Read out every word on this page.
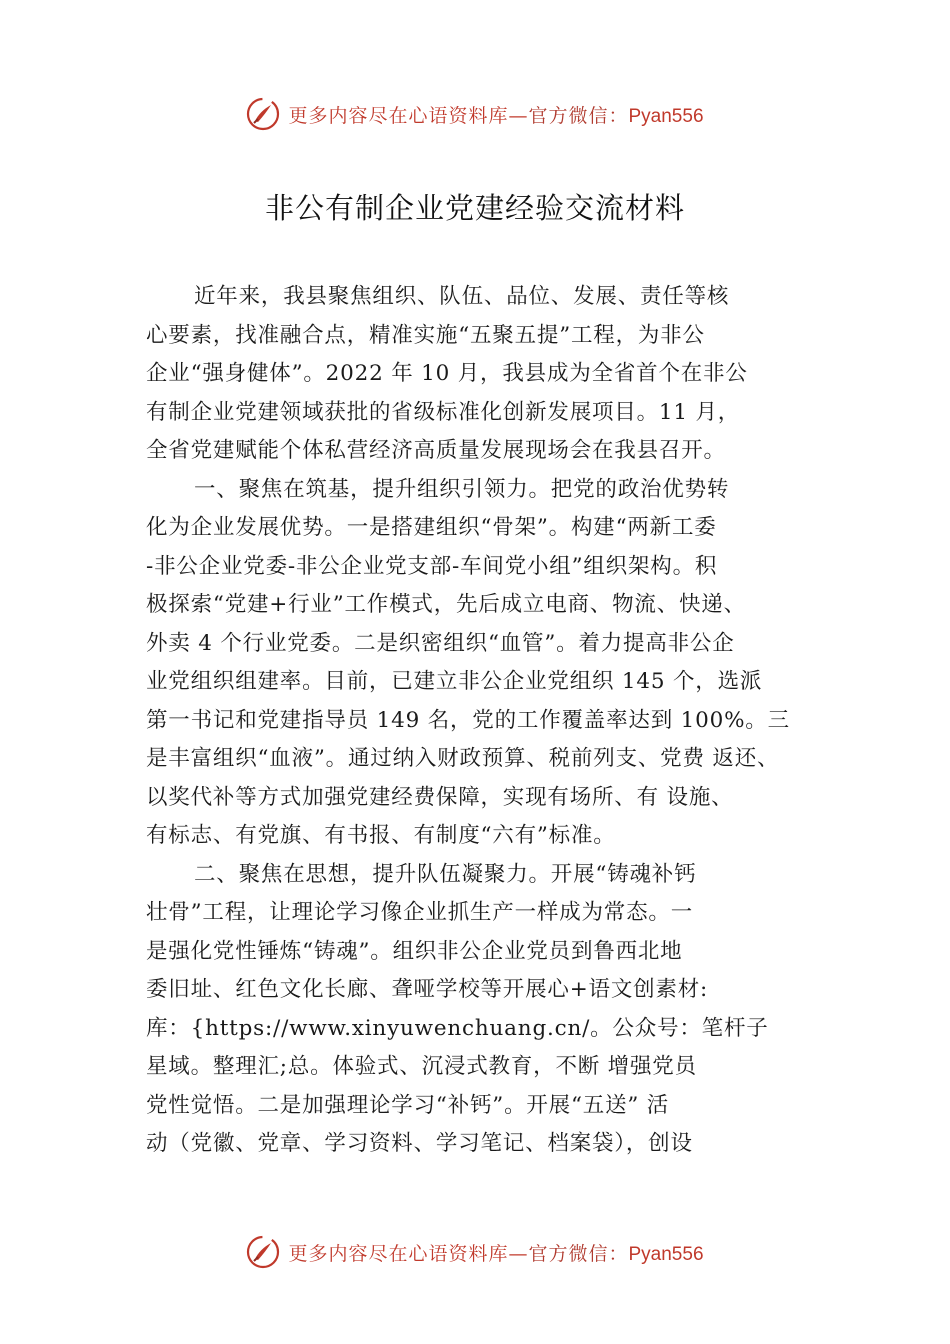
更多内容尽在心语资料库—官方微信：Pyan556
非公有制企业党建经验交流材料
近年来，我县聚焦组织、队伍、品位、发展、责任等核
心要素，找准融合点，精准实施“五聚五提”工程，为非公
企业“强身健体”。2022 年 10 月，我县成为全省首个在非公
有制企业党建领域获批的省级标准化创新发展项目。11 月，
全省党建赋能个体私营经济高质量发展现场会在我县召开。
一、聚焦在筑基，提升组织引领力。把党的政治优势转
化为企业发展优势。一是搭建组织“骨架”。构建“两新工委
-非公企业党委-非公企业党支部-车间党小组”组织架构。积
极探索“党建+行业”工作模式，先后成立电商、物流、快递、
外卖 4 个行业党委。二是织密组织“血管”。着力提高非公企
业党组织组建率。目前，已建立非公企业党组织 145 个，选派
第一书记和党建指导员 149 名，党的工作覆盖率达到 100%。三
是丰富组织“血液”。通过纳入财政预算、税前列支、党费 返还、
以奖代补等方式加强党建经费保障，实现有场所、有 设施、
有标志、有党旗、有书报、有制度“六有”标准。
二、聚焦在思想，提升队伍凝聚力。开展“铸魂补钙
壮骨”工程，让理论学习像企业抓生产一样成为常态。一
是强化党性锤炼“铸魂”。组织非公企业党员到鲁西北地
委旧址、红色文化长廊、聋哑学校等开展心+语文创素材:
库：{https://www.xinyuwenchuang.cn/。公众号：笔杆子
星域。整理汇;总。体验式、沉浸式教育，不断 增强党员
党性觉悟。二是加强理论学习“补钙”。开展“五送” 活
动（党徽、党章、学习资料、学习笔记、档案袋），创设
更多内容尽在心语资料库—官方微信：Pyan556
